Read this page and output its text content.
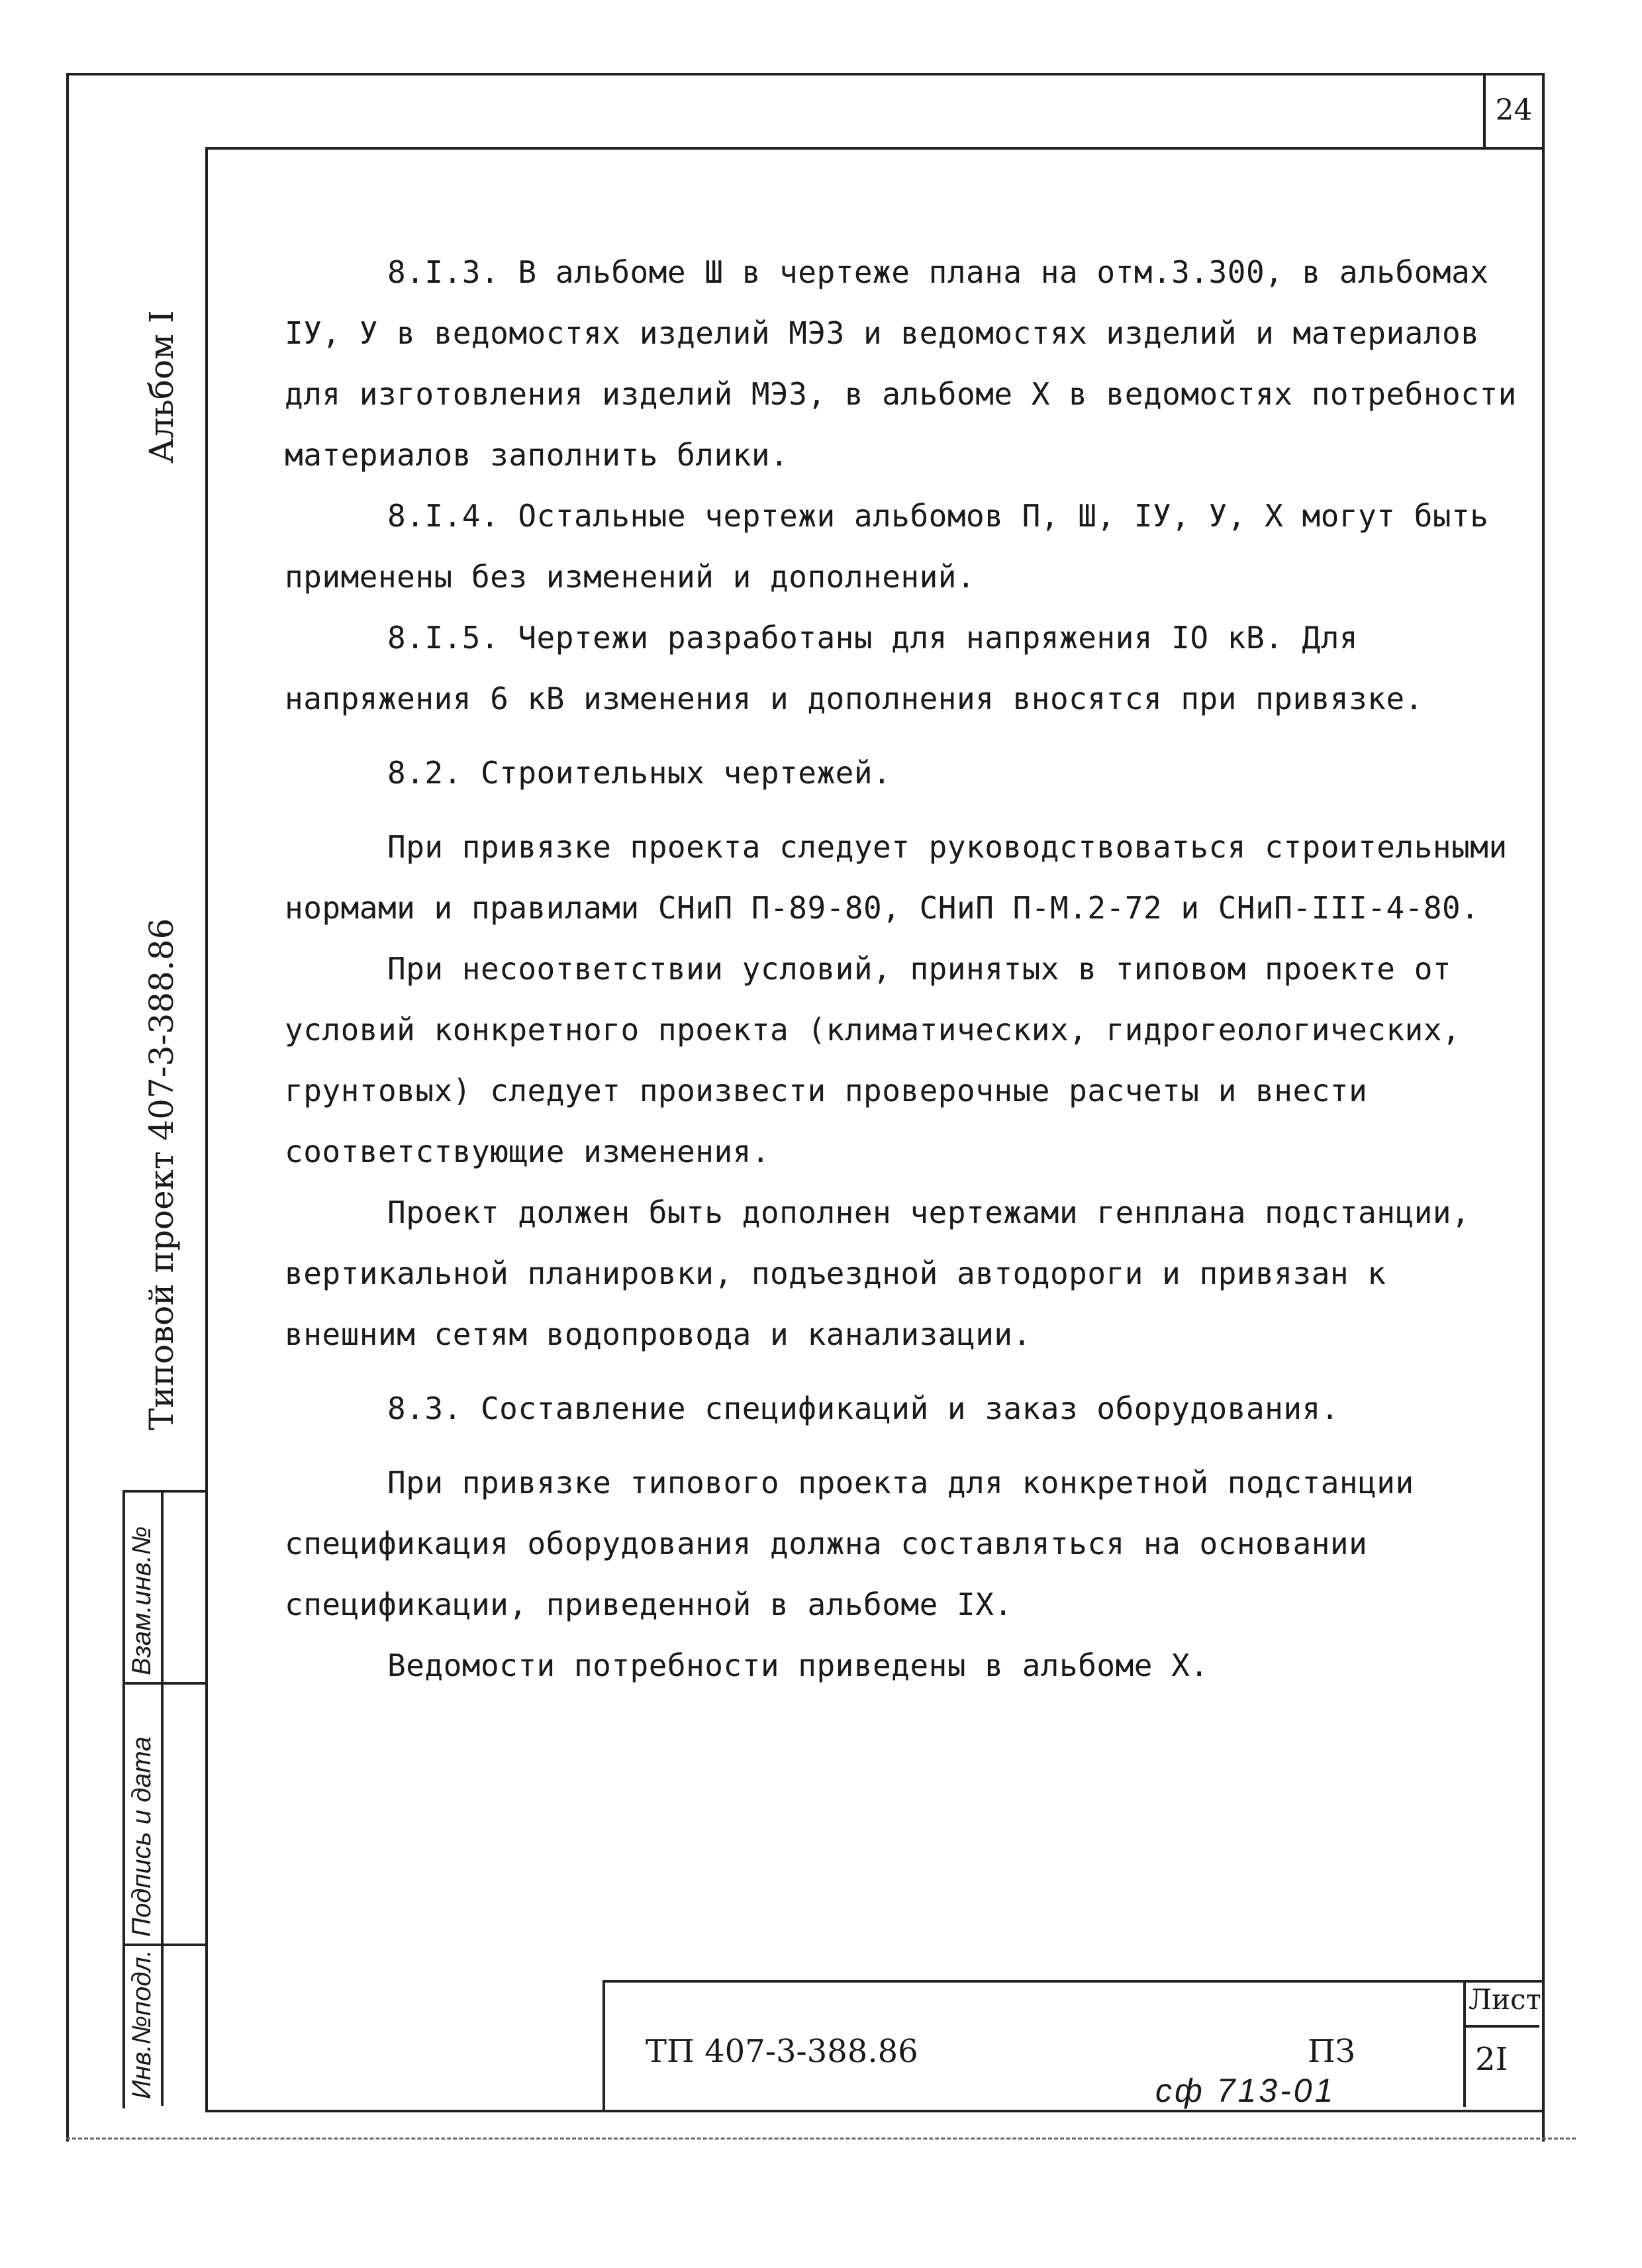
24
Альбом I
Типовой проект 407-3-388.86
Взам.инв.№
Подпись и дата
Инв.№подл.

8.I.3. В альбоме Ш в чертеже плана на отм.3.300, в альбомах IУ, У в ведомостях изделий МЭЗ и ведомостях изделий и материалов для изготовления изделий МЭЗ, в альбоме Х в ведомостях потребности материалов заполнить блики.

8.I.4. Остальные чертежи альбомов П, Ш, IУ, У, Х могут быть применены без изменений и дополнений.

8.I.5. Чертежи разработаны для напряжения IO кВ. Для напряжения 6 кВ изменения и дополнения вносятся при привязке.

8.2. Строительных чертежей.

При привязке проекта следует руководствоваться строительными нормами и правилами СНиП П-89-80, СНиП П-М.2-72 и СНиП-III-4-80.

При несоответствии условий, принятых в типовом проекте от условий конкретного проекта (климатических, гидрогеологических, грунтовых) следует произвести проверочные расчеты и внести соответствующие изменения.

Проект должен быть дополнен чертежами генплана подстанции, вертикальной планировки, подъездной автодороги и привязан к внешним сетям водопровода и канализации.

8.3. Составление спецификаций и заказ оборудования.

При привязке типового проекта для конкретной подстанции спецификация оборудования должна составляться на основании спецификации, приведенной в альбоме IX.

Ведомости потребности приведены в альбоме Х.

ТП 407-3-388.86	ПЗ
Лист
2I
сф 713-01
